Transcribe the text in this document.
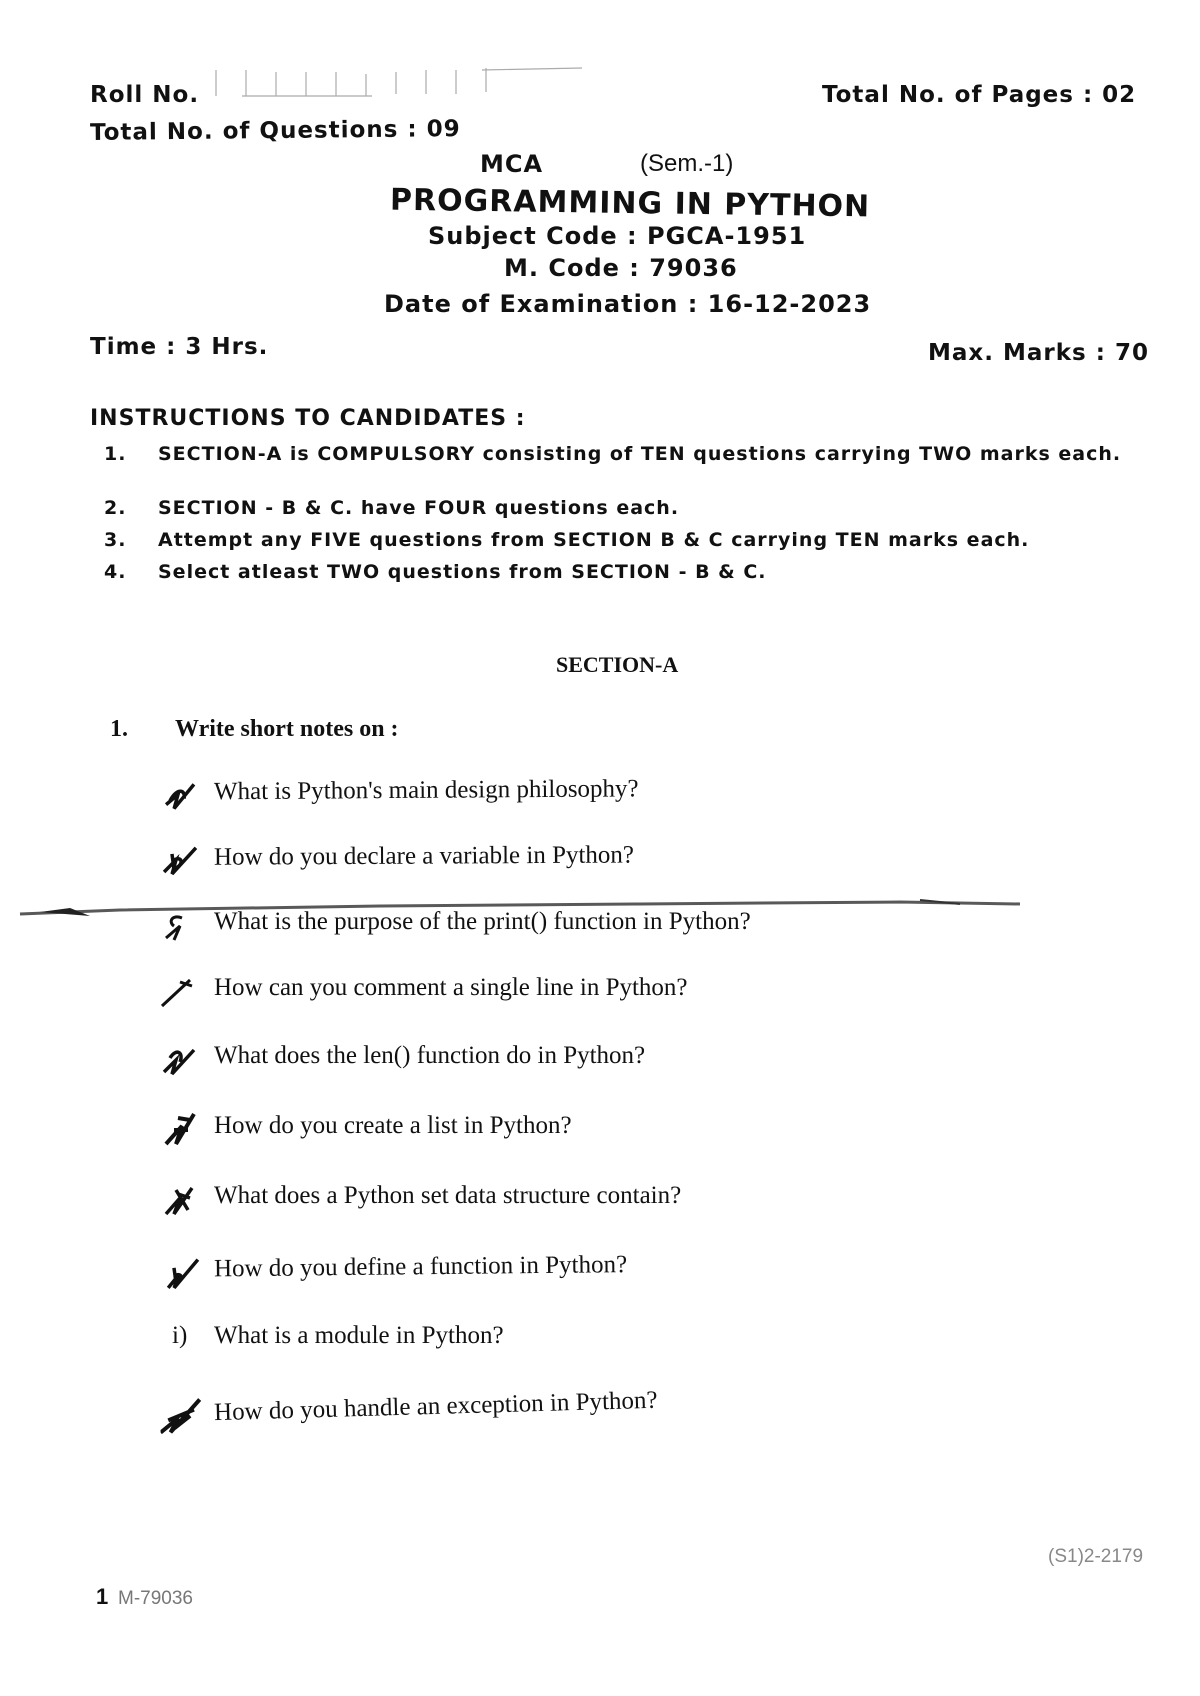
Roll No.	Total No. of Pages : 02
Total No. of Questions : 09
MCA	(Sem.-1)
PROGRAMMING IN PYTHON
Subject Code : PGCA-1951
M. Code : 79036
Date of Examination : 16-12-2023
Time : 3 Hrs.	Max. Marks : 70
INSTRUCTIONS TO CANDIDATES :
1. SECTION-A is COMPULSORY consisting of TEN questions carrying TWO marks each.
2. SECTION - B & C. have FOUR questions each.
3. Attempt any FIVE questions from SECTION B & C carrying TEN marks each.
4. Select atleast TWO questions from SECTION - B & C.
SECTION-A
1. Write short notes on :
What is Python's main design philosophy?
How do you declare a variable in Python?
What is the purpose of the print() function in Python?
How can you comment a single line in Python?
What does the len() function do in Python?
How do you create a list in Python?
What does a Python set data structure contain?
How do you define a function in Python?
i) What is a module in Python?
How do you handle an exception in Python?
1 M-79036
(S1)2-2179
